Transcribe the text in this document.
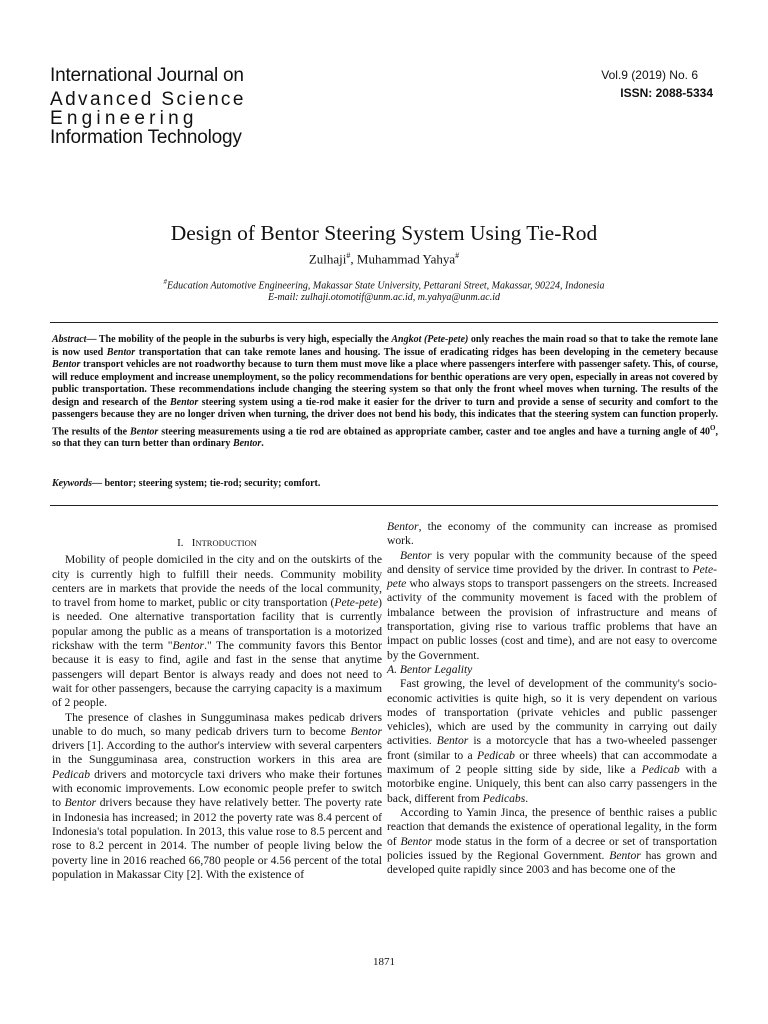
International Journal on
Advanced Science
Engineering
Information Technology
Vol.9 (2019) No. 6
ISSN: 2088-5334
Design of Bentor Steering System Using Tie-Rod
Zulhaji#, Muhammad Yahya#
#Education Automotive Engineering, Makassar State University, Pettarani Street, Makassar, 90224, Indonesia
E-mail: zulhaji.otomotif@unm.ac.id, m.yahya@unm.ac.id
Abstract— The mobility of the people in the suburbs is very high, especially the Angkot (Pete-pete) only reaches the main road so that to take the remote lane is now used Bentor transportation that can take remote lanes and housing. The issue of eradicating ridges has been developing in the cemetery because Bentor transport vehicles are not roadworthy because to turn them must move like a place where passengers interfere with passenger safety. This, of course, will reduce employment and increase unemployment, so the policy recommendations for benthic operations are very open, especially in areas not covered by public transportation. These recommendations include changing the steering system so that only the front wheel moves when turning. The results of the design and research of the Bentor steering system using a tie-rod make it easier for the driver to turn and provide a sense of security and comfort to the passengers because they are no longer driven when turning, the driver does not bend his body, this indicates that the steering system can function properly. The results of the Bentor steering measurements using a tie rod are obtained as appropriate camber, caster and toe angles and have a turning angle of $40^O$, so that they can turn better than ordinary Bentor.
Keywords— bentor; steering system; tie-rod; security; comfort.
I. INTRODUCTION

Mobility of people domiciled in the city and on the outskirts of the city is currently high to fulfill their needs. Community mobility centers are in markets that provide the needs of the local community, to travel from home to market, public or city transportation (Pete-pete) is needed. One alternative transportation facility that is currently popular among the public as a means of transportation is a motorized rickshaw with the term "Bentor." The community favors this Bentor because it is easy to find, agile and fast in the sense that anytime passengers will depart Bentor is always ready and does not need to wait for other passengers, because the carrying capacity is a maximum of 2 people.

The presence of clashes in Sungguminasa makes pedicab drivers unable to do much, so many pedicab drivers turn to become Bentor drivers [1]. According to the author's interview with several carpenters in the Sungguminasa area, construction workers in this area are Pedicab drivers and motorcycle taxi drivers who make their fortunes with economic improvements. Low economic people prefer to switch to Bentor drivers because they have relatively better. The poverty rate in Indonesia has increased; in 2012 the poverty rate was 8.4 percent of Indonesia's total population. In 2013, this value rose to 8.5 percent and rose to 8.2 percent in 2014. The number of people living below the poverty line in 2016 reached 66,780 people or 4.56 percent of the total population in Makassar City [2]. With the existence of

Bentor, the economy of the community can increase as promised work.

Bentor is very popular with the community because of the speed and density of service time provided by the driver. In contrast to Pete-pete who always stops to transport passengers on the streets. Increased activity of the community movement is faced with the problem of imbalance between the provision of infrastructure and means of transportation, giving rise to various traffic problems that have an impact on public losses (cost and time), and are not easy to overcome by the Government.

A. Bentor Legality

Fast growing, the level of development of the community's socio-economic activities is quite high, so it is very dependent on various modes of transportation (private vehicles and public passenger vehicles), which are used by the community in carrying out daily activities. Bentor is a motorcycle that has a two-wheeled passenger front (similar to a Pedicab or three wheels) that can accommodate a maximum of 2 people sitting side by side, like a Pedicab with a motorbike engine. Uniquely, this bent can also carry passengers in the back, different from Pedicabs.

According to Yamin Jinca, the presence of benthic raises a public reaction that demands the existence of operational legality, in the form of Bentor mode status in the form of a decree or set of transportation policies issued by the Regional Government. Bentor has grown and developed quite rapidly since 2003 and has become one of the

1871
